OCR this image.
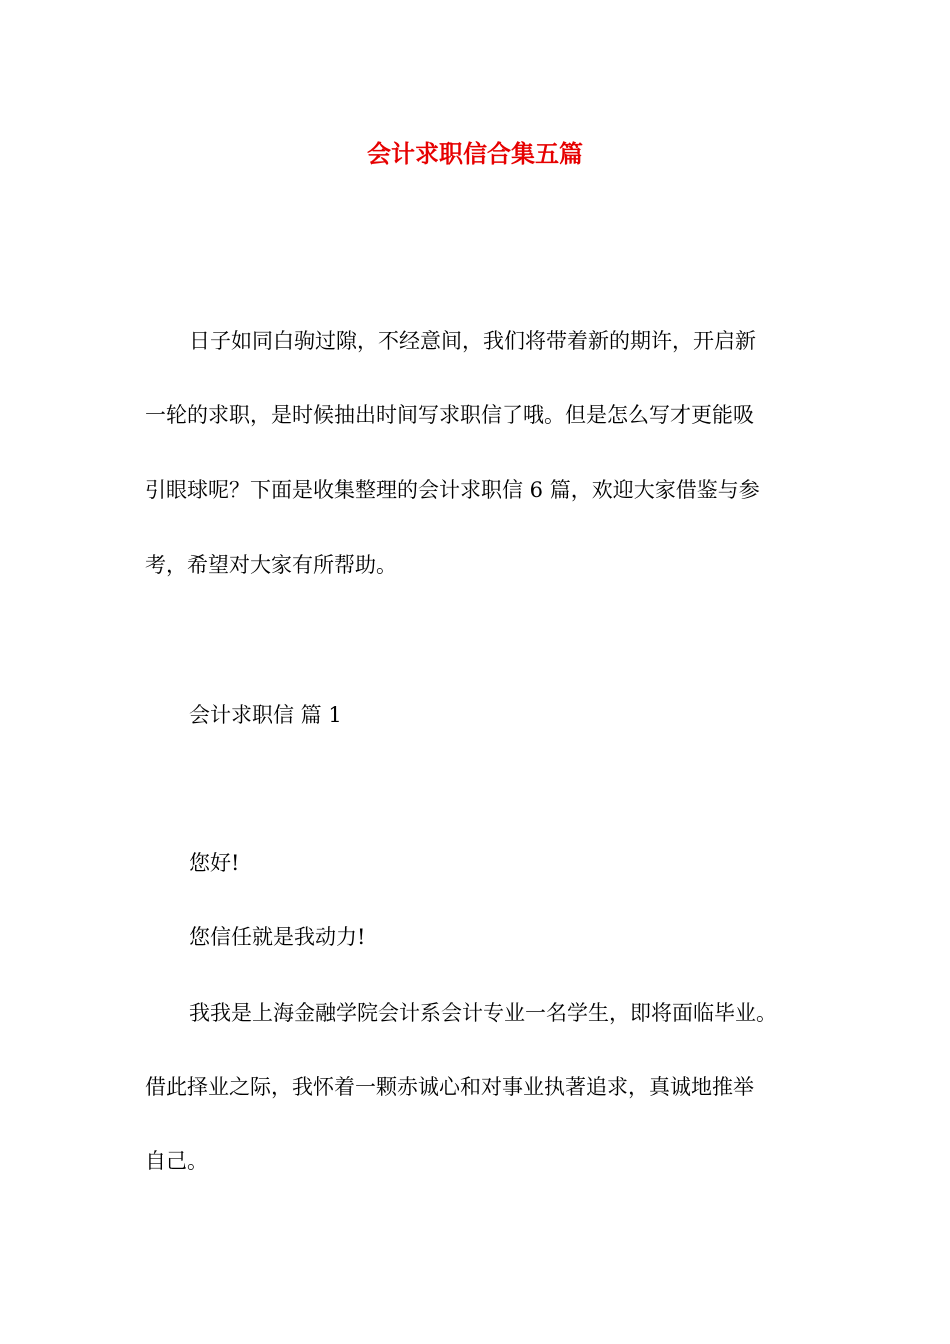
会计求职信合集五篇
日子如同白驹过隙，不经意间，我们将带着新的期许，开启新
一轮的求职，是时候抽出时间写求职信了哦。但是怎么写才更能吸
引眼球呢？下面是收集整理的会计求职信 6 篇，欢迎大家借鉴与参
考，希望对大家有所帮助。
会计求职信 篇 1
您好!
您信任就是我动力!
我我是上海金融学院会计系会计专业一名学生，即将面临毕业。
借此择业之际，我怀着一颗赤诚心和对事业执著追求，真诚地推举
自己。
